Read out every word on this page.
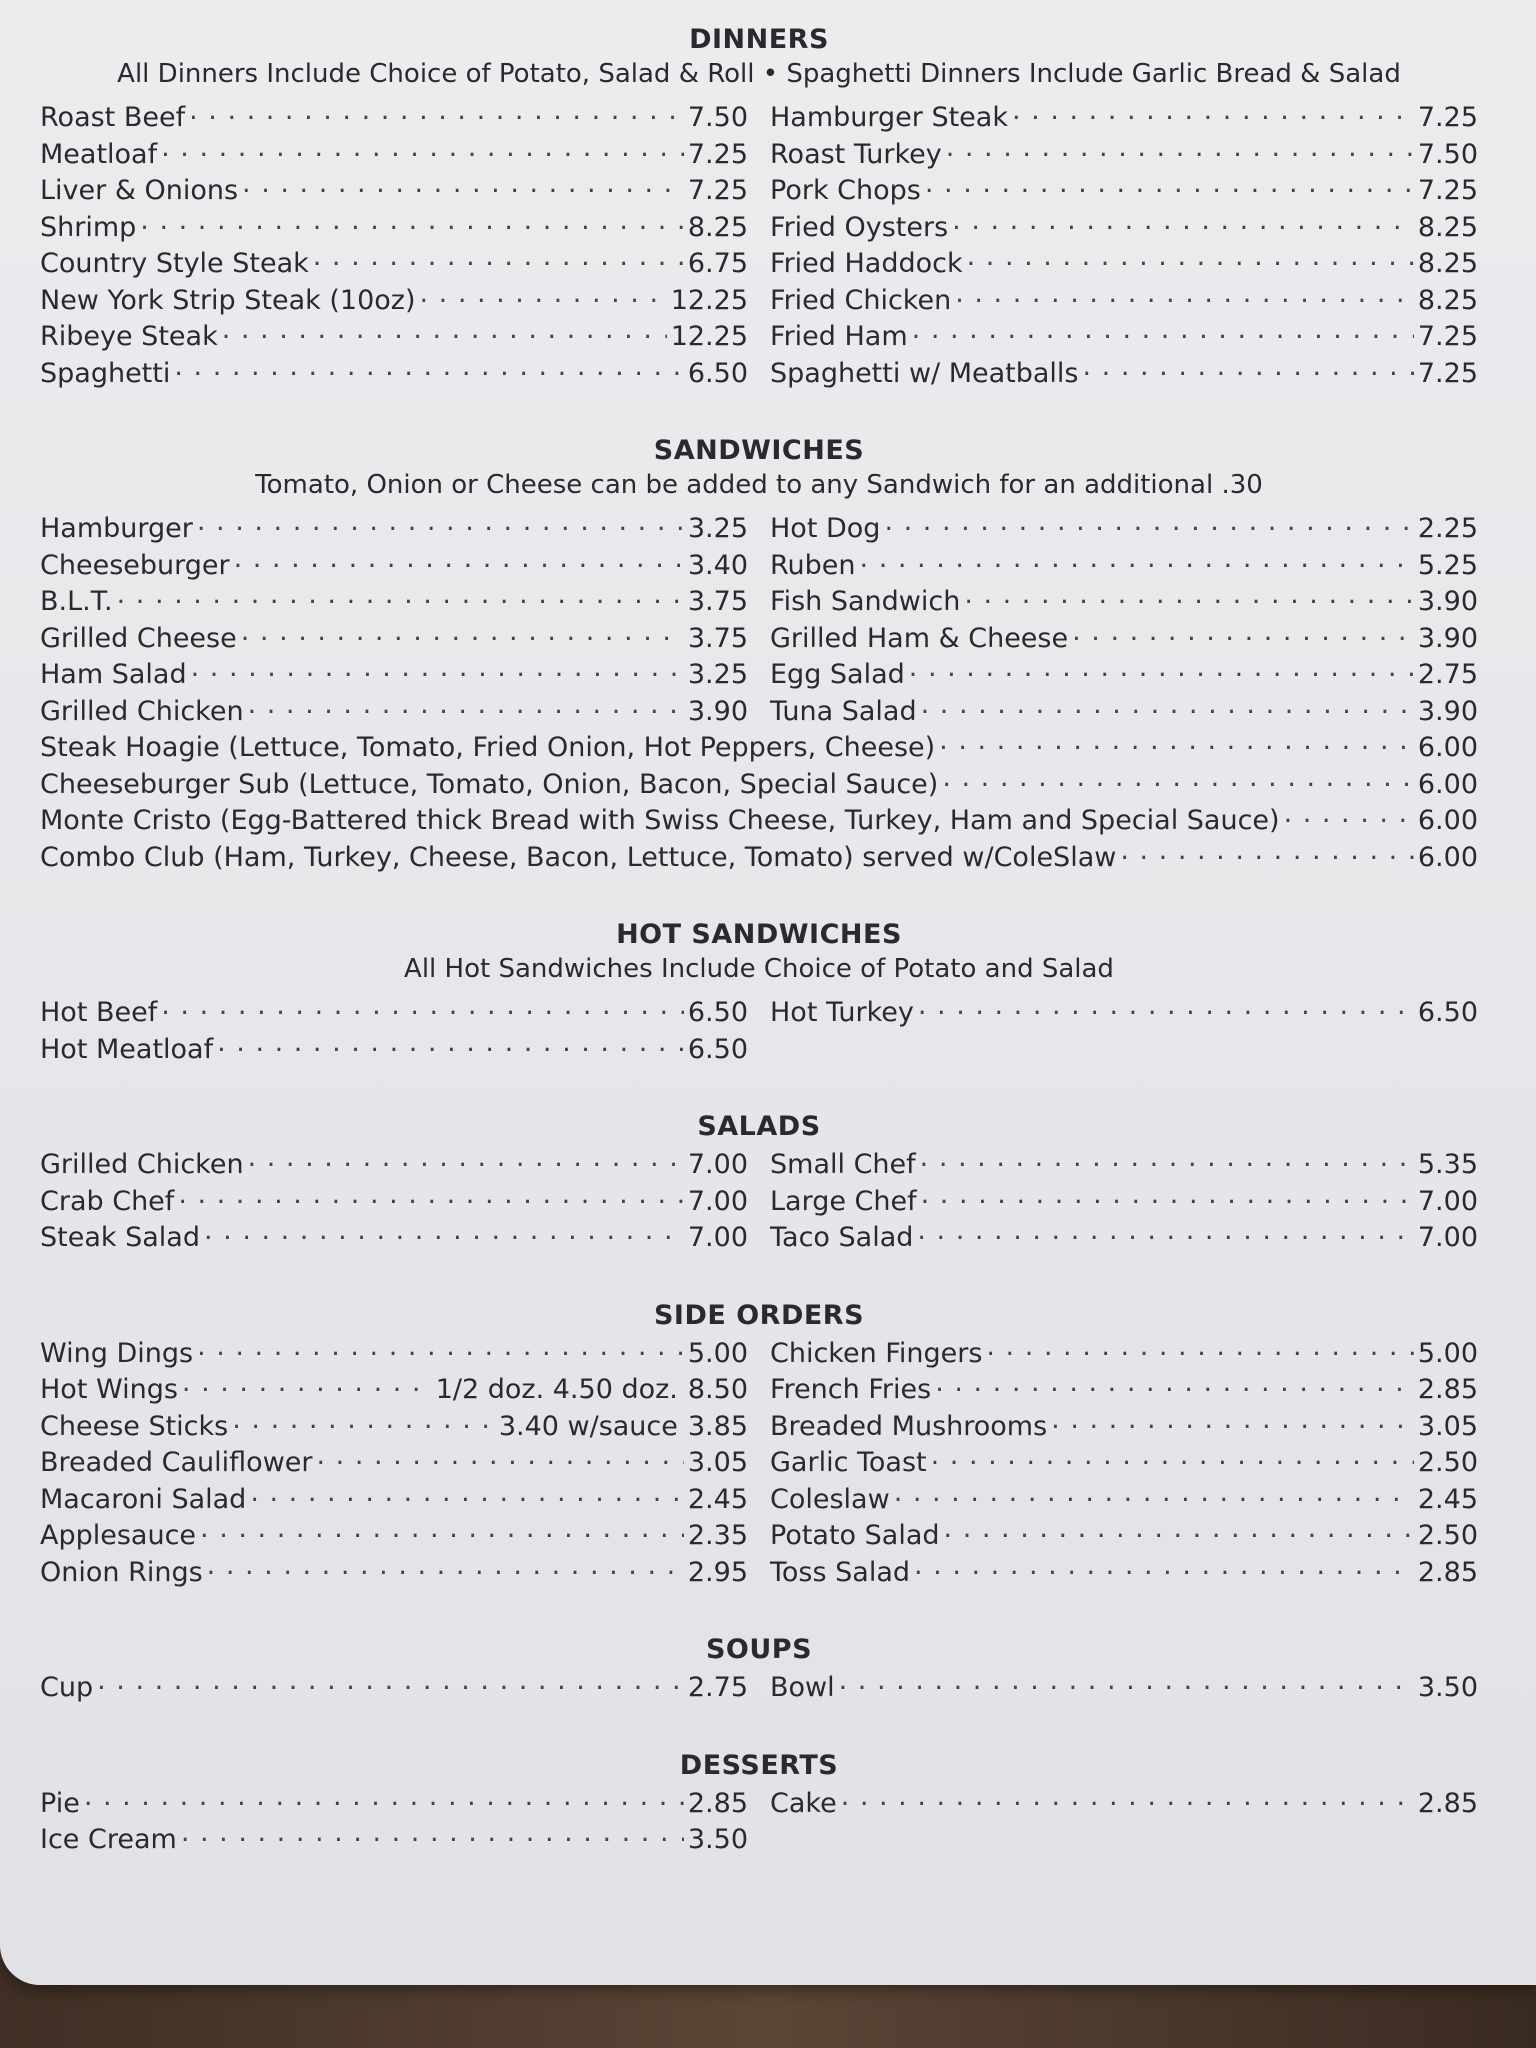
DINNERS
All Dinners Include Choice of Potato, Salad & Roll • Spaghetti Dinners Include Garlic Bread & Salad
Roast Beef . . .	7.50
Meatloaf . . .	7.25
Liver & Onions . . .	7.25
Shrimp . . .	8.25
Country Style Steak . . .	6.75
New York Strip Steak (10oz) . . .	12.25
Ribeye Steak . . .	12.25
Spaghetti . . .	6.50
Hamburger Steak . . .	7.25
Roast Turkey . . .	7.50
Pork Chops . . .	7.25
Fried Oysters . . .	8.25
Fried Haddock . . .	8.25
Fried Chicken . . .	8.25
Fried Ham . . .	7.25
Spaghetti w/ Meatballs . . .	7.25
SANDWICHES
Tomato, Onion or Cheese can be added to any Sandwich for an additional .30
Hamburger . . .	3.25
Cheeseburger . . .	3.40
B.L.T. . . .	3.75
Grilled Cheese . . .	3.75
Ham Salad . . .	3.25
Grilled Chicken . . .	3.90
Hot Dog . . .	2.25
Ruben . . .	5.25
Fish Sandwich . . .	3.90
Grilled Ham & Cheese . . .	3.90
Egg Salad . . .	2.75
Tuna Salad . . .	3.90
Steak Hoagie (Lettuce, Tomato, Fried Onion, Hot Peppers, Cheese) . . .	6.00
Cheeseburger Sub (Lettuce, Tomato, Onion, Bacon, Special Sauce) . . .	6.00
Monte Cristo (Egg-Battered thick Bread with Swiss Cheese, Turkey, Ham and Special Sauce) . . .	6.00
Combo Club (Ham, Turkey, Cheese, Bacon, Lettuce, Tomato) served w/ColeSlaw . . .	6.00
HOT SANDWICHES
All Hot Sandwiches Include Choice of Potato and Salad
Hot Beef . . .	6.50
Hot Meatloaf . . .	6.50
Hot Turkey . . .	6.50
SALADS
Grilled Chicken . . .	7.00
Crab Chef . . .	7.00
Steak Salad . . .	7.00
Small Chef . . .	5.35
Large Chef . . .	7.00
Taco Salad . . .	7.00
SIDE ORDERS
Wing Dings . . .	5.00
Hot Wings . . .	1/2 doz. 4.50 doz. 8.50
Cheese Sticks . . .	3.40 w/sauce 3.85
Breaded Cauliflower . . .	3.05
Macaroni Salad . . .	2.45
Applesauce . . .	2.35
Onion Rings . . .	2.95
Chicken Fingers . . .	5.00
French Fries . . .	2.85
Breaded Mushrooms . . .	3.05
Garlic Toast . . .	2.50
Coleslaw . . .	2.45
Potato Salad . . .	2.50
Toss Salad . . .	2.85
SOUPS
Cup . . .	2.75 Bowl . . .	3.50
DESSERTS
Pie . . .	2.85
Ice Cream . . .	3.50
Cake . . .	2.85
